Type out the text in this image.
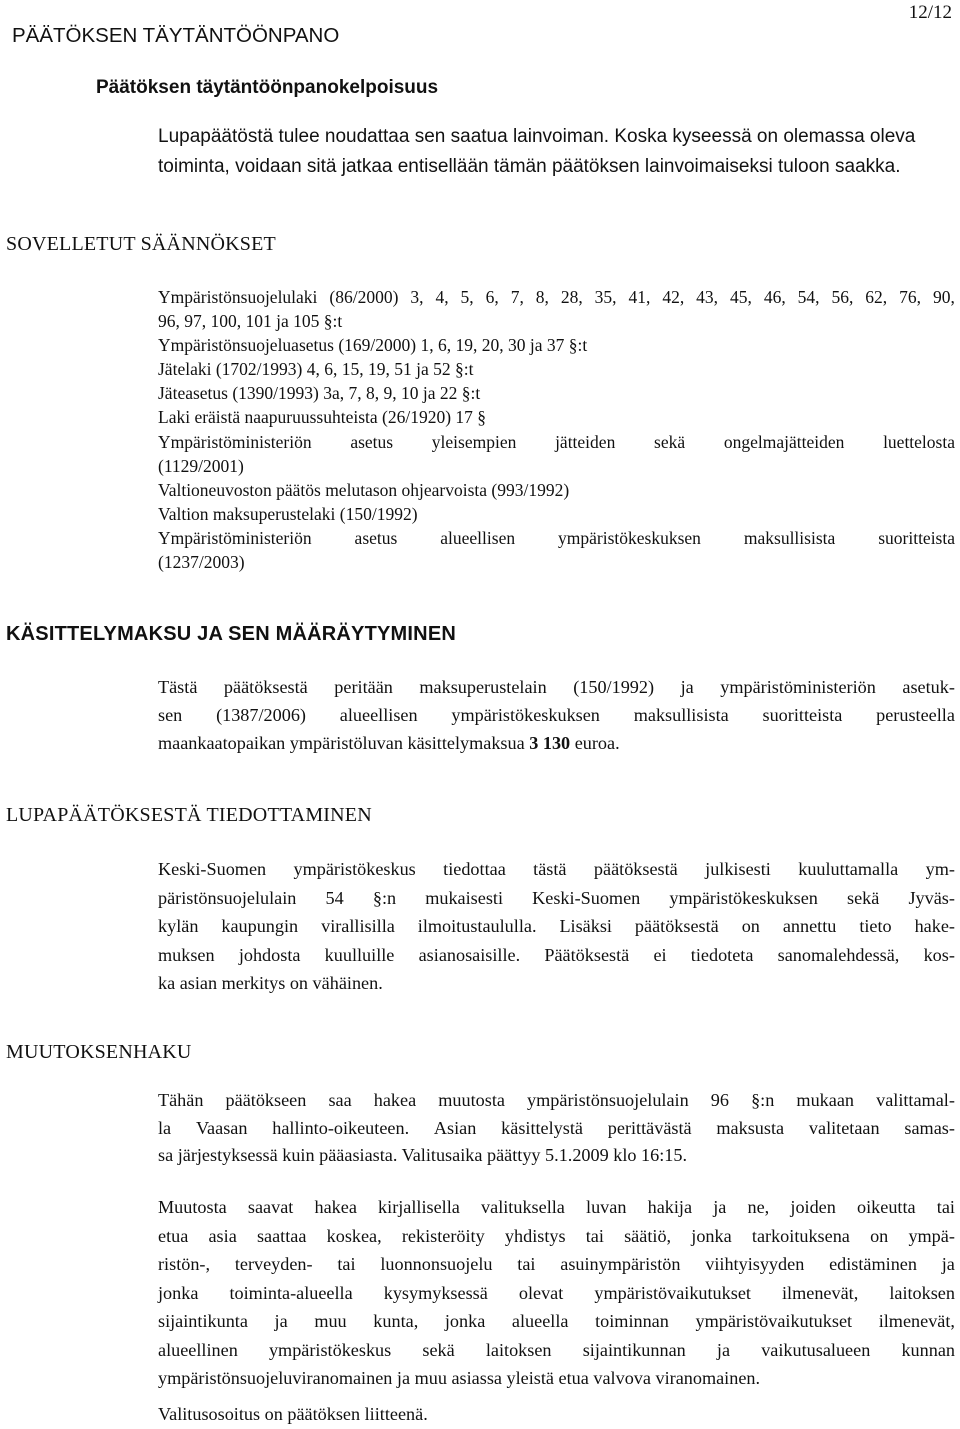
12/12
PÄÄTÖKSEN TÄYTÄNTÖÖNPANO
Päätöksen täytäntöönpanokelpoisuus
Lupapäätöstä tulee noudattaa sen saatua lainvoiman. Koska kyseessä on olemassa oleva
toiminta, voidaan sitä jatkaa entisellään tämän päätöksen lainvoimaiseksi tuloon saakka.
SOVELLETUT SÄÄNNÖKSET
Ympäristönsuojelulaki (86/2000) 3, 4, 5, 6, 7, 8, 28, 35, 41, 42, 43, 45, 46, 54, 56, 62, 76, 90,
96, 97, 100, 101 ja 105 §:t
Ympäristönsuojeluasetus (169/2000) 1, 6, 19, 20, 30 ja 37 §:t
Jätelaki (1702/1993) 4, 6, 15, 19, 51 ja 52 §:t
Jäteasetus (1390/1993) 3a, 7, 8, 9, 10 ja 22 §:t
Laki eräistä naapuruussuhteista (26/1920) 17 §
Ympäristöministeriön asetus yleisempien jätteiden sekä ongelmajätteiden luettelosta
(1129/2001)
Valtioneuvoston päätös melutason ohjearvoista (993/1992)
Valtion maksuperustelaki (150/1992)
Ympäristöministeriön asetus alueellisen ympäristökeskuksen maksullisista suoritteista
(1237/2003)
KÄSITTELYMAKSU JA SEN MÄÄRÄYTYMINEN
Tästä päätöksestä peritään maksuperustelain (150/1992) ja ympäristöministeriön asetuk-
sen (1387/2006) alueellisen ympäristökeskuksen maksullisista suoritteista perusteella
maankaatopaikan ympäristöluvan käsittelymaksua 3 130 euroa.
LUPAPÄÄTÖKSESTÄ TIEDOTTAMINEN
Keski-Suomen ympäristökeskus tiedottaa tästä päätöksestä julkisesti kuuluttamalla ym-
päristönsuojelulain 54 §:n mukaisesti Keski-Suomen ympäristökeskuksen sekä Jyväs-
kylän kaupungin virallisilla ilmoitustaululla. Lisäksi päätöksestä on annettu tieto hake-
muksen johdosta kuulluille asianosaisille. Päätöksestä ei tiedoteta sanomalehdessä, kos-
ka asian merkitys on vähäinen.
MUUTOKSENHAKU
Tähän päätökseen saa hakea muutosta ympäristönsuojelulain 96 §:n mukaan valittamal-
la Vaasan hallinto-oikeuteen. Asian käsittelystä perittävästä maksusta valitetaan samas-
sa järjestyksessä kuin pääasiasta. Valitusaika päättyy 5.1.2009 klo 16:15.
Muutosta saavat hakea kirjallisella valituksella luvan hakija ja ne, joiden oikeutta tai
etua asia saattaa koskea, rekisteröity yhdistys tai säätiö, jonka tarkoituksena on ympä-
ristön-, terveyden- tai luonnonsuojelu tai asuinympäristön viihtyisyyden edistäminen ja
jonka toiminta-alueella kysymyksessä olevat ympäristövaikutukset ilmenevät, laitoksen
sijaintikunta ja muu kunta, jonka alueella toiminnan ympäristövaikutukset ilmenevät,
alueellinen ympäristökeskus sekä laitoksen sijaintikunnan ja vaikutusalueen kunnan
ympäristönsuojeluviranomainen ja muu asiassa yleistä etua valvova viranomainen.
Valitusosoitus on päätöksen liitteenä.
